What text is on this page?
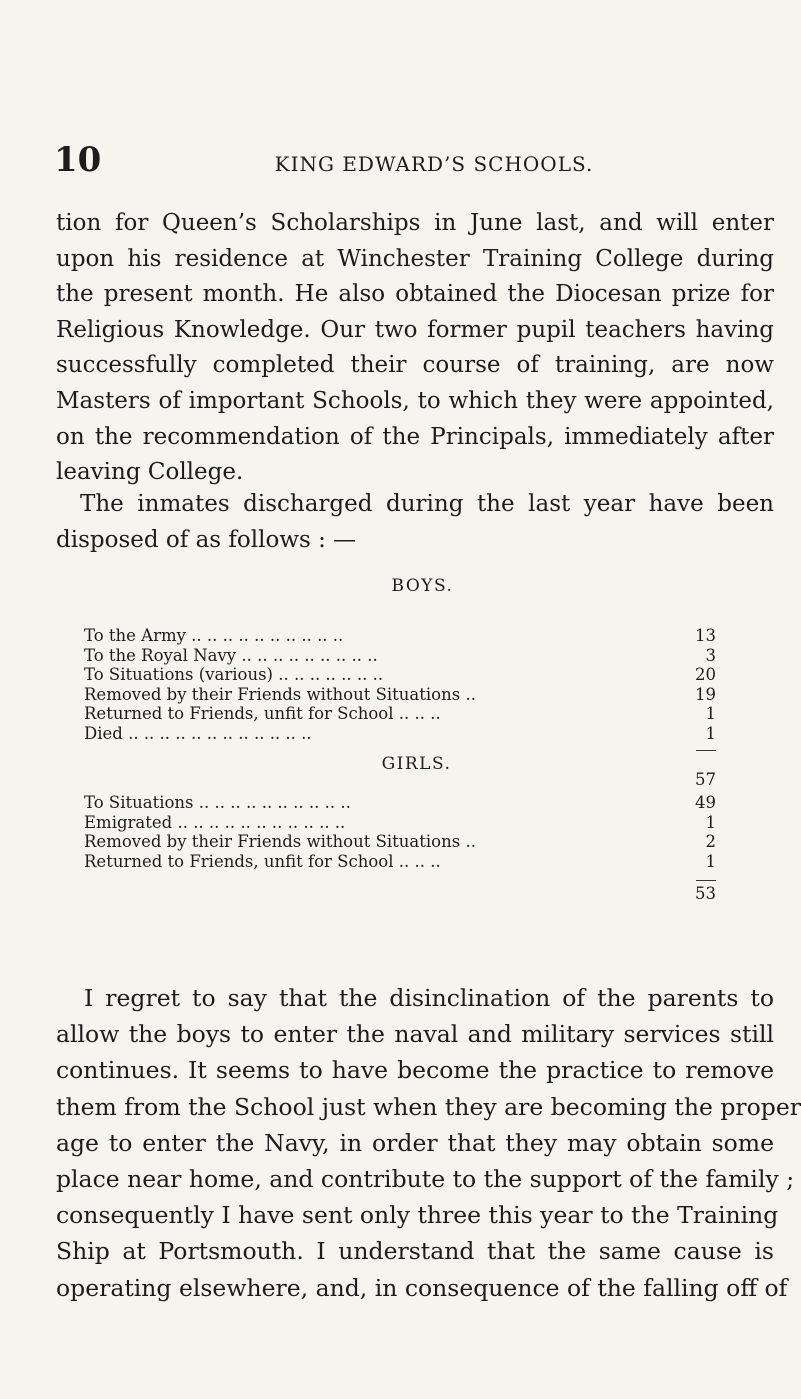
10	KING EDWARD’S SCHOOLS.

tion for Queen’s Scholarships in June last, and will enter
upon his residence at Winchester Training College during
the present month. He also obtained the Diocesan prize for
Religious Knowledge. Our two former pupil teachers having
successfully completed their course of training, are now
Masters of important Schools, to which they were appointed,
on the recommendation of the Principals, immediately after
leaving College.

The inmates discharged during the last year have been
disposed of as follows : —

BOYS.
To the Army .. .. .. .. .. .. .. .. .. ..	13
To the Royal Navy .. .. .. .. .. .. .. .. ..	3
To Situations (various) .. .. .. .. .. .. ..	20
Removed by their Friends without Situations ..	19
Returned to Friends, unfit for School .. .. ..	1
Died .. .. .. .. .. .. .. .. .. .. .. ..	1
57
GIRLS.
To Situations .. .. .. .. .. .. .. .. .. ..	49
Emigrated .. .. .. .. .. .. .. .. .. .. ..	1
Removed by their Friends without Situations ..	2
Returned to Friends, unfit for School .. .. ..	1
53

I regret to say that the disinclination of the parents to
allow the boys to enter the naval and military services still
continues. It seems to have become the practice to remove
them from the School just when they are becoming the proper
age to enter the Navy, in order that they may obtain some
place near home, and contribute to the support of the family ;
consequently I have sent only three this year to the Training
Ship at Portsmouth. I understand that the same cause is
operating elsewhere, and, in consequence of the falling off of
